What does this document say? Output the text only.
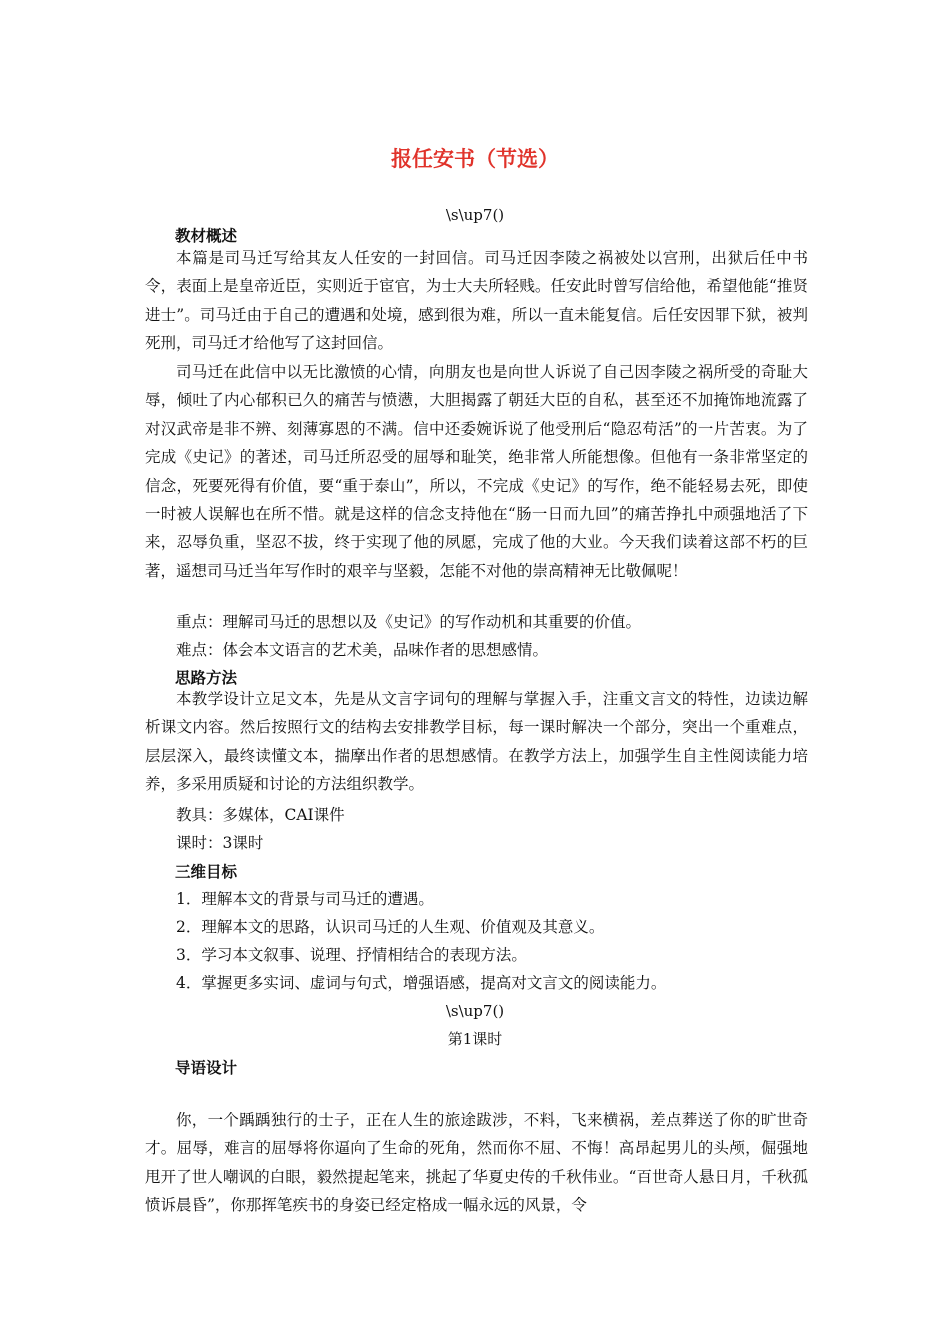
报任安书（节选）
\s\up7()
教材概述

本篇是司马迁写给其友人任安的一封回信。司马迁因李陵之祸被处以宫刑，出狱后任中书令，表面上是皇帝近臣，实则近于宦官，为士大夫所轻贱。任安此时曾写信给他，希望他能“推贤进士”。司马迁由于自己的遭遇和处境，感到很为难，所以一直未能复信。后任安因罪下狱，被判死刑，司马迁才给他写了这封回信。

司马迁在此信中以无比激愤的心情，向朋友也是向世人诉说了自己因李陵之祸所受的奇耻大辱，倾吐了内心郁积已久的痛苦与愤懑，大胆揭露了朝廷大臣的自私，甚至还不加掩饰地流露了对汉武帝是非不辨、刻薄寡恩的不满。信中还委婉诉说了他受刑后“隐忍苟活”的一片苦衷。为了完成《史记》的著述，司马迁所忍受的屈辱和耻笑，绝非常人所能想像。但他有一条非常坚定的信念，死要死得有价值，要“重于泰山”，所以，不完成《史记》的写作，绝不能轻易去死，即使一时被人误解也在所不惜。就是这样的信念支持他在“肠一日而九回”的痛苦挣扎中顽强地活了下来，忍辱负重，坚忍不拔，终于实现了他的夙愿，完成了他的大业。今天我们读着这部不朽的巨著，遥想司马迁当年写作时的艰辛与坚毅，怎能不对他的崇高精神无比敬佩呢！

重点：理解司马迁的思想以及《史记》的写作动机和其重要的价值。
难点：体会本文语言的艺术美，品味作者的思想感情。
思路方法

本教学设计立足文本，先是从文言字词句的理解与掌握入手，注重文言文的特性，边读边解析课文内容。然后按照行文的结构去安排教学目标，每一课时解决一个部分，突出一个重难点，层层深入，最终读懂文本，揣摩出作者的思想感情。在教学方法上，加强学生自主性阅读能力培养，多采用质疑和讨论的方法组织教学。

教具：多媒体，CAI课件
课时：3课时
三维目标
1．理解本文的背景与司马迁的遭遇。
2．理解本文的思路，认识司马迁的人生观、价值观及其意义。
3．学习本文叙事、说理、抒情相结合的表现方法。
4．掌握更多实词、虚词与句式，增强语感，提高对文言文的阅读能力。
\s\up7()
第1课时
导语设计

你，一个踽踽独行的士子，正在人生的旅途跋涉，不料，飞来横祸，差点葬送了你的旷世奇才。屈辱，难言的屈辱将你逼向了生命的死角，然而你不屈、不悔！高昂起男儿的头颅，倔强地甩开了世人嘲讽的白眼，毅然提起笔来，挑起了华夏史传的千秋伟业。“百世奇人悬日月，千秋孤愤诉晨昏”，你那挥笔疾书的身姿已经定格成一幅永远的风景，令
